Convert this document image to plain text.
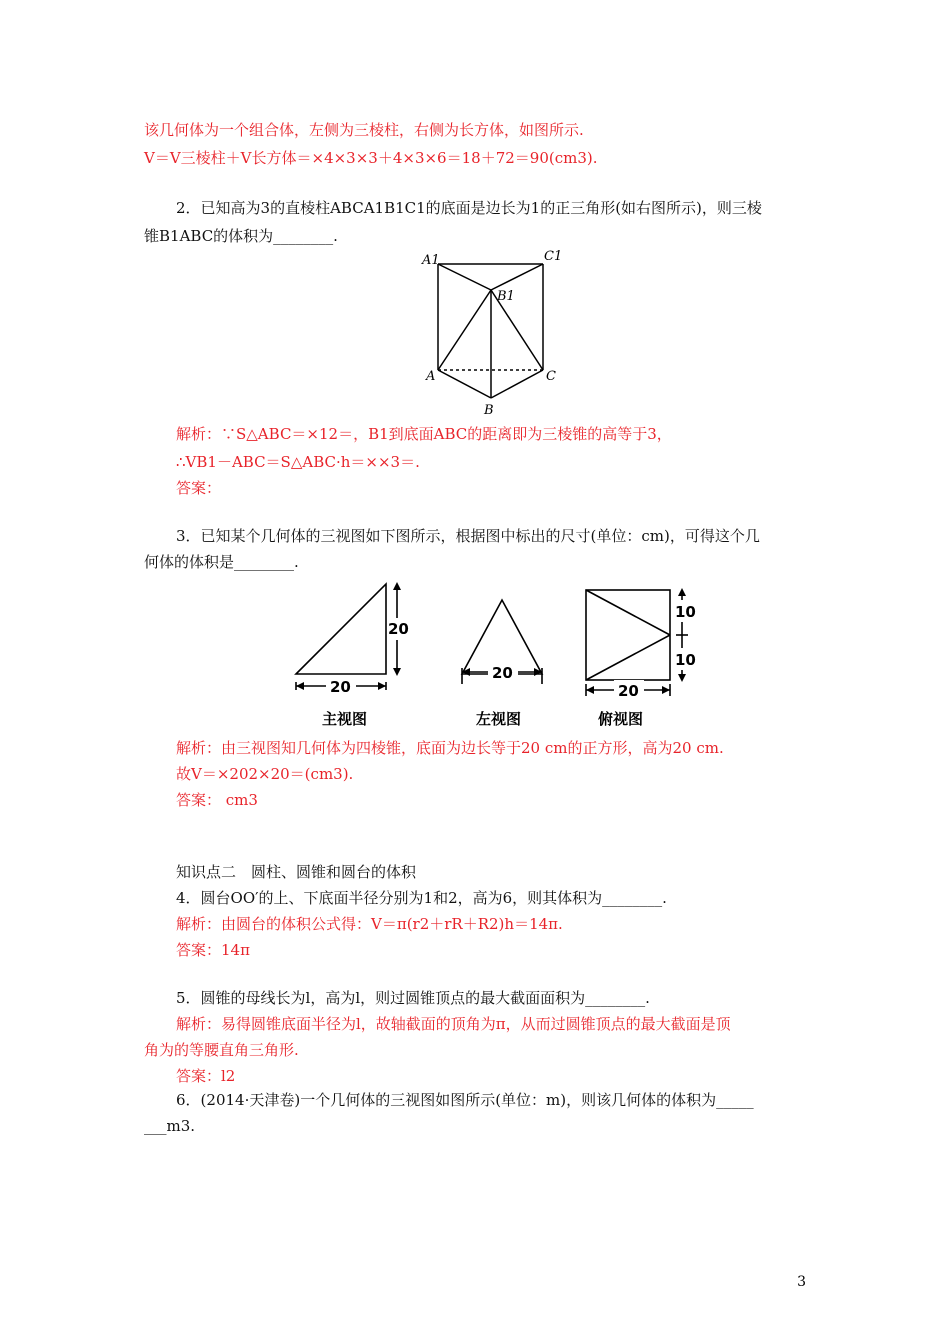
该几何体为一个组合体，左侧为三棱柱，右侧为长方体，如图所示.
V＝V三棱柱＋V长方体＝×4×3×3＋4×3×6＝18＋72＝90(cm3).
2．已知高为3的直棱柱ABCA1B1C1的底面是边长为1的正三角形(如右图所示)，则三棱
锥B1ABC的体积为________.
A1	C1
B1
A
B
C
解析：∵S△ABC＝×12＝，B1到底面ABC的距离即为三棱锥的高等于3，
∴VB1－ABC＝S△ABC·h＝××3＝.
答案：
3．已知某个几何体的三视图如下图所示，根据图中标出的尺寸(单位：cm)，可得这个几
何体的体积是________.
20
20
20
10
10
20
主视图	左视图	俯视图
解析：由三视图知几何体为四棱锥，底面为边长等于20 cm的正方形，高为20 cm.
故V＝×202×20＝(cm3).
答案： cm3
知识点二　圆柱、圆锥和圆台的体积
4．圆台OO′的上、下底面半径分别为1和2，高为6，则其体积为________.
解析：由圆台的体积公式得：V＝π(r2＋rR＋R2)h＝14π.
答案：14π
5．圆锥的母线长为l，高为l，则过圆锥顶点的最大截面面积为________.
解析：易得圆锥底面半径为l，故轴截面的顶角为π，从而过圆锥顶点的最大截面是顶
角为的等腰直角三角形.
答案：l2
6．(2014·天津卷)一个几何体的三视图如图所示(单位：m)，则该几何体的体积为_____
___m3.
3
